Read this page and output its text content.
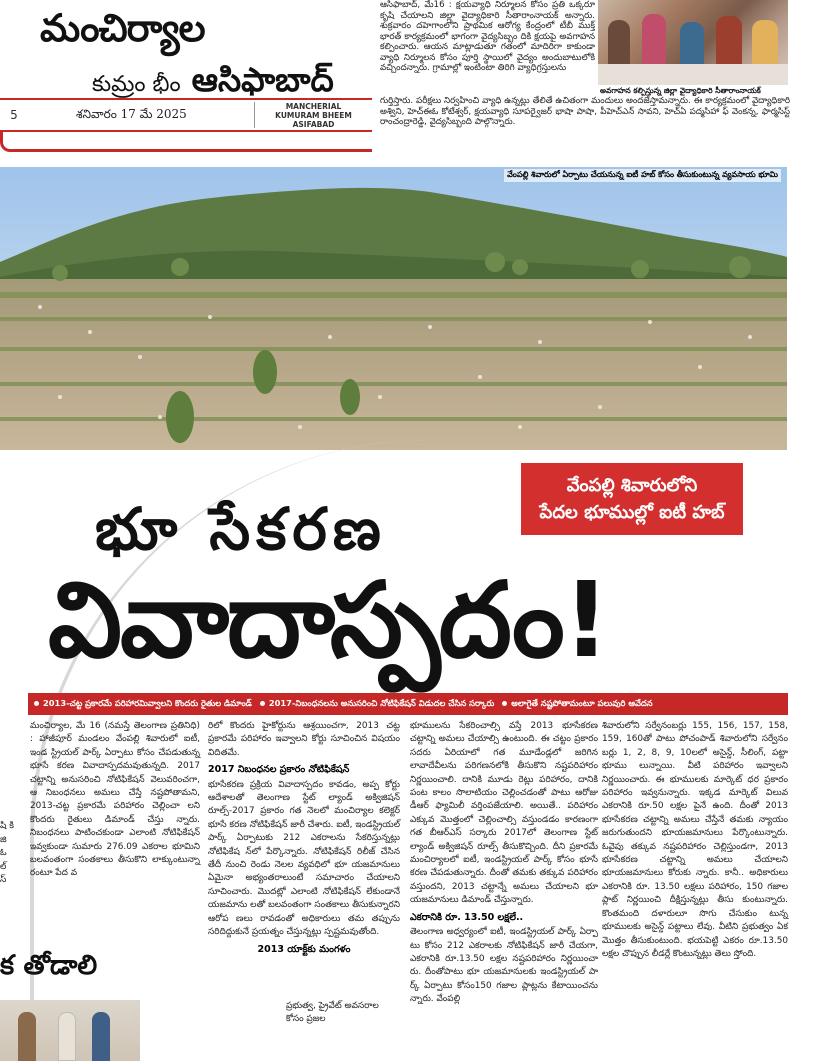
మంచిర్యాల
కుమ్రం భీం ఆసిఫాబాద్
5	శనివారం 17 మే 2025	MANCHERIAL
KUMURAM BHEEM
ASIFABAD
ఆసిఫాబాద్, మే16 : క్షయవ్యాధి నిర్మూలన కోసం ప్రతి ఒక్కరూ కృషి చేయాలని జిల్లా వైద్యాధికారి సీతారాంనాయక్ అన్నారు. శుక్రవారం దహెగాంలోని ప్రాథమిక ఆరోగ్య కేంద్రంలో టీబీ ముక్త్ భారత్ కార్యక్రమంలో భాగంగా వైద్యసిబ్బం దికి క్షయపై అవగాహన కల్పించారు. ఆయన మాట్లాడుతూ గతంలో మాదిరిగా కాకుండా వ్యాధి నిర్మూలన కోసం పూర్తి స్థాయిలో వైద్యం అందుబాటులోకి వచ్చిందన్నారు. గ్రామాల్లో ఇంటింటా తిరిగి వ్యాధిగ్రస్తులను
అవగాహన కల్పిస్తున్న జిల్లా వైద్యాధికారి సీతారాంనాయక్
గుర్తిస్తారు. పరీక్షలు నిర్వహించి వ్యాధి ఉన్నట్లు తేలితే ఉచితంగా మందులు అందజేస్తామన్నారు. ఈ కార్యక్రమంలో వైద్యాధికారి అశ్విని, హెచ్ఈఓ కోటేశ్వర్, క్షయవ్యాధి సూపర్వైజర్ భాషా పాషా, పీహెచ్ఎన్ సావని, హెచ్ఏ పద్మసిహా ఫ్ వెంకన్న, ఫార్మసిస్ట్ రాంచంద్రారెడ్డి, వైద్యసిబ్బంది పాల్గొన్నారు.
వేంపల్లి శివారులో ఏర్పాటు చేయనున్న ఐటీ హబ్ కోసం తీసుకుంటున్న వ్యవసాయ భూమి
వేంపల్లి శివారులోని
పేదల భూముల్లో ఐటీ హబ్
భూ సేకరణ
వివాదాస్పదం!
2013-చట్ట ప్రకారమే పరిహారమివ్వాలని కొందరు రైతుల డిమాండ్	2017-నిబంధనలను అనుసరించి నోటిఫికేషన్ విడుదల చేసిన సర్కారు	అలాగైతే నష్టపోతామంటూ పలువురి ఆవేదన
మంచిర్యాల, మే 16 (నమస్తే తెలంగాణ ప్రతినిధి) : హాజీపూర్ మండలం వేంపల్లి శివారులో ఐటీ, ఇండ స్ట్రియల్ పార్క్ ఏర్పాటు కోసం చేపడుతున్న భూసే కరణ వివాదాస్పదమవుతున్నది. 2017 చట్టాన్ని అనుసరించి నోటిఫికేషన్ వెలువరించగా, ఆ నిబంధనలు అమలు చేస్తే నష్టపోతామని, 2013-చట్ట ప్రకారమే పరిహారం చెల్లించా లని కొందరు రైతులు డిమాండ్ చేస్తు న్నారు. నిబంధనలు పాటించకుండా ఎలాంటి నోటిఫికేషన్ ఇవ్వకుండా సుమారు 276.09 ఎకరాల భూమిని బలవంతంగా సంతకాలు తీసుకొని లాక్కుంటున్నా రంటూ పేద వ
రిలో కొందరు హైకోర్టును ఆశ్రయించగా, 2013 చట్ట ప్రకారమే పరిహారం ఇవ్వాలని కోర్టు సూచించిన విషయం విదితమే.
2017 నిబంధనల ప్రకారం నోటిఫికేషన్
భూసేకరణ ప్రక్రియ వివాదాస్పదం కావడం, అప్ప కోర్టు ఆదేశాలతో తెలంగాణ స్టేట్ ల్యాండ్ అక్విజిషన్ రూల్స్-2017 ప్రకారం గత నెలలో మంచిర్యాల కలెక్టర్ భూసే కరణ నోటిఫికేషన్ జారీ చేశారు. ఐటీ, ఇండస్ట్రియల్ పార్క్ ఏర్పాటుకు 212 ఎకరాలను సేకరిస్తున్నట్లు నోటిఫికేష న్‌లో పేర్కొన్నారు. నోటిఫికేషన్ రిలీజ్ చేసిన తేదీ నుంచి రెండు నెలల వ్యవధిలో భూ యజమానులు ఏమైనా అభ్యంతరాలుంటే సమాచారం చేయాలని సూచించారు. మొదట్లో ఎలాంటి నోటిఫికేషన్ లేకుండానే యజమాను లతో బలవంతంగా సంతకాలు తీసుకున్నారని ఆరోప ణలు రావడంతో అధికారులు తమ తప్పును సరిదిద్దుకునే ప్రయత్నం చేస్తున్నట్లు స్పష్టమవుతోంది.
2013 యాక్ట్‌కు మంగళం
ప్రభుత్వ, ప్రైవేట్ అవసరాల కోసం ప్రజల
భూములను సేకరించాల్సి వస్తే 2013 భూసేకరణ చట్టాన్ని అమలు చేయాల్సి ఉంటుంది. ఈ చట్టం ప్రకారం సదరు ఏరియాలో గత మూడేండ్లలో జరిగిన లావాదేవీలను పరిగణనలోకి తీసుకొని నష్టపరిహారం నిర్ణయించాలి. దానికి మూడు రెట్లు పరిహారం, దానికి పంట కాలం సొలాటియం చెల్లించడంతో పాటు ఆరోజు డీఆర్ ఫ్యామిలీ వర్తింపజేయాలి. అయితే.. పరిహారం ఎక్కువ మొత్తంలో చెల్లించాల్సి వస్తుండడం కారణంగా గత బీఆర్ఎస్ సర్కారు 2017లో తెలంగాణ స్టేట్ ల్యాండ్ అక్విజిషన్ రూల్స్ తీసుకొచ్చింది. దీని ప్రకారమే మంచిర్యాలలో ఐటీ, ఇండస్ట్రియల్ పార్క్ కోసం భూసే కరణ చేపడుతున్నారు. దీంతో తమకు తక్కువ పరిహారం వస్తుందని, 2013 చట్టాన్నే అమలు చేయాలని భూ యజమానులు డిమాండ్ చేస్తున్నారు.
ఎకరానికి రూ. 13.50 లక్షలే..
తెలంగాణ అధ్వర్యంలో ఐటీ, ఇండస్ట్రియల్ పార్క్ ఏర్పా టు కోసం 212 ఎకరాలకు నోటిఫికేషన్ జారీ చేయగా, ఎకరానికి రూ.13.50 లక్షల నష్టపరిహారం నిర్ణయించా రు. దీంతోపాటు భూ యజమానులకు ఇండస్ట్రియల్ పా ర్క్ ఏర్పాటు కోసం150 గజాల ప్లాట్లను కేటాయించను న్నారు. వేంపల్లి
శివారులోని సర్వేనంబర్లు 155, 156, 157, 158, 159, 160తో పాటు పోచంపాడ్ శివారులోని సర్వేనం బర్లు 1, 2, 8, 9, 10లలో అసైన్డ్, సీలింగ్, పట్టా భూము లున్నాయి. వీటి పరిహారం ఇవ్వాలని నిర్ణయించారు. ఈ భూములకు మార్కెట్ ధర ప్రకారం పరిహారం ఇవ్వనున్నారు. ఇక్కడ మార్కెట్ విలువ ఎకరానికి రూ.50 లక్షల పైనే ఉంది. దీంతో 2013 భూసేకరణ చట్టాన్ని అమలు చేస్తేనే తమకు న్యాయం జరుగుతుందని భూయజమానులు పేర్కొంటున్నారు. ఓవైపు తక్కువ నష్టపరిహారం చెల్లిస్తుండగా, 2013 భూసేకరణ చట్టాన్ని అమలు చేయాలని భూయజమానులు కోరుకు న్నారు. కానీ.. అధికారులు ఎకరానికి రూ. 13.50 లక్షలు పరిహారం, 150 గజాల ప్లాట్ నిర్ణయించి దీక్షిస్తున్నట్లు తీసు కుంటున్నారు. కొంతమంది దళారులూ సొగు చేసుకుం టున్న భూములకు అసైన్డ్ పట్టాలు లేవు. వీటిని ప్రభుత్వం ఏక మొత్తం తీసుకుంటుంది. భయపెట్టి ఎకరం రూ.13.50 లక్షల చొప్పున లీడర్లే కొంటున్నట్లు తెలు స్తోంది.
షి కి జి ఓ ల్ స్
క తోడాలి
